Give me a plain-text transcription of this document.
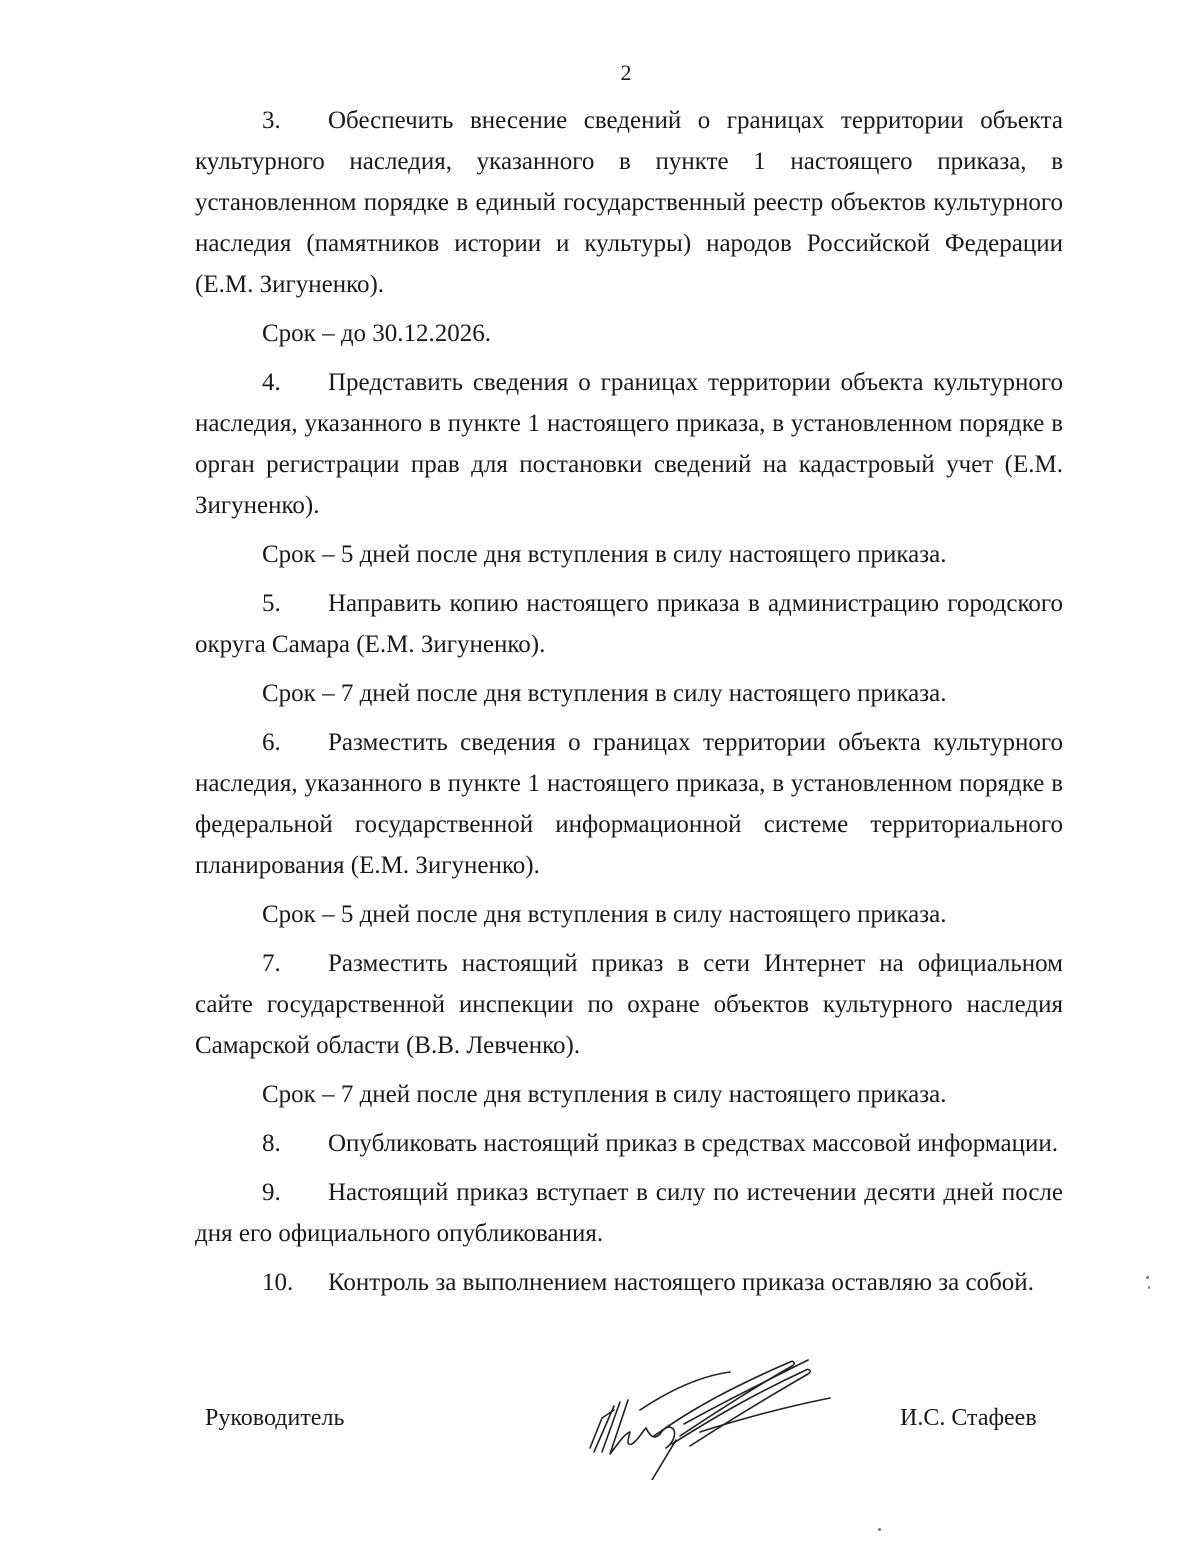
2

3. Обеспечить внесение сведений о границах территории объекта культурного наследия, указанного в пункте 1 настоящего приказа, в установленном порядке в единый государственный реестр объектов культурного наследия (памятников истории и культуры) народов Российской Федерации (Е.М. Зигуненко).

Срок – до 30.12.2026.

4. Представить сведения о границах территории объекта культурного наследия, указанного в пункте 1 настоящего приказа, в установленном порядке в орган регистрации прав для постановки сведений на кадастровый учет (Е.М. Зигуненко).

Срок – 5 дней после дня вступления в силу настоящего приказа.

5. Направить копию настоящего приказа в администрацию городского округа Самара (Е.М. Зигуненко).

Срок – 7 дней после дня вступления в силу настоящего приказа.

6. Разместить сведения о границах территории объекта культурного наследия, указанного в пункте 1 настоящего приказа, в установленном порядке в федеральной государственной информационной системе территориального планирования (Е.М. Зигуненко).

Срок – 5 дней после дня вступления в силу настоящего приказа.

7. Разместить настоящий приказ в сети Интернет на официальном сайте государственной инспекции по охране объектов культурного наследия Самарской области (В.В. Левченко).

Срок – 7 дней после дня вступления в силу настоящего приказа.

8. Опубликовать настоящий приказ в средствах массовой информации.

9. Настоящий приказ вступает в силу по истечении десяти дней после дня его официального опубликования.

10. Контроль за выполнением настоящего приказа оставляю за собой.

Руководитель	И.С. Стафеев
